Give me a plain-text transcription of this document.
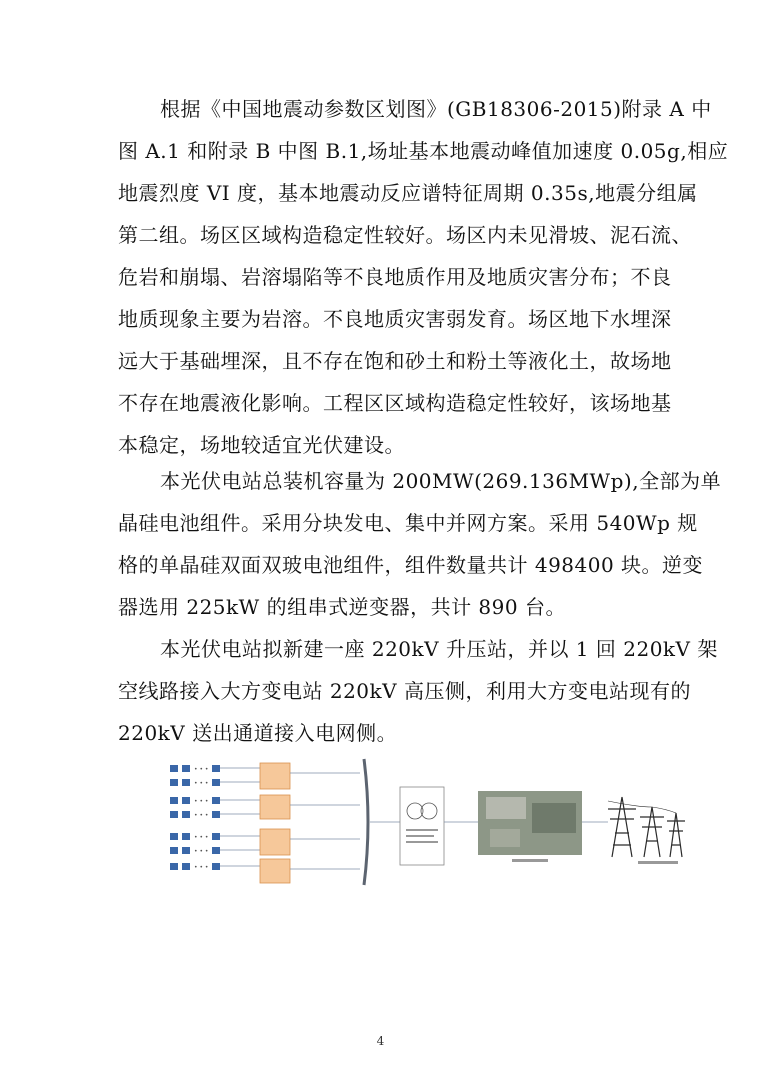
根据《中国地震动参数区划图》(GB18306-2015)附录 A 中
图 A.1 和附录 B 中图 B.1,场址基本地震动峰值加速度 0.05g,相应
地震烈度 VI 度，基本地震动反应谱特征周期 0.35s,地震分组属
第二组。场区区域构造稳定性较好。场区内未见滑坡、泥石流、
危岩和崩塌、岩溶塌陷等不良地质作用及地质灾害分布；不良
地质现象主要为岩溶。不良地质灾害弱发育。场区地下水埋深
远大于基础埋深，且不存在饱和砂土和粉土等液化土，故场地
不存在地震液化影响。工程区区域构造稳定性较好，该场地基
本稳定，场地较适宜光伏建设。

本光伏电站总装机容量为 200MW(269.136MWp),全部为单
晶硅电池组件。采用分块发电、集中并网方案。采用 540Wp 规
格的单晶硅双面双玻电池组件，组件数量共计 498400 块。逆变
器选用 225kW 的组串式逆变器，共计 890 台。

本光伏电站拟新建一座 220kV 升压站，并以 1 回 220kV 架
空线路接入大方变电站 220kV 高压侧，利用大方变电站现有的
220kV 送出通道接入电网侧。

• • •
• • •
• • •
• • •
• • •
• • •
• • •
4
